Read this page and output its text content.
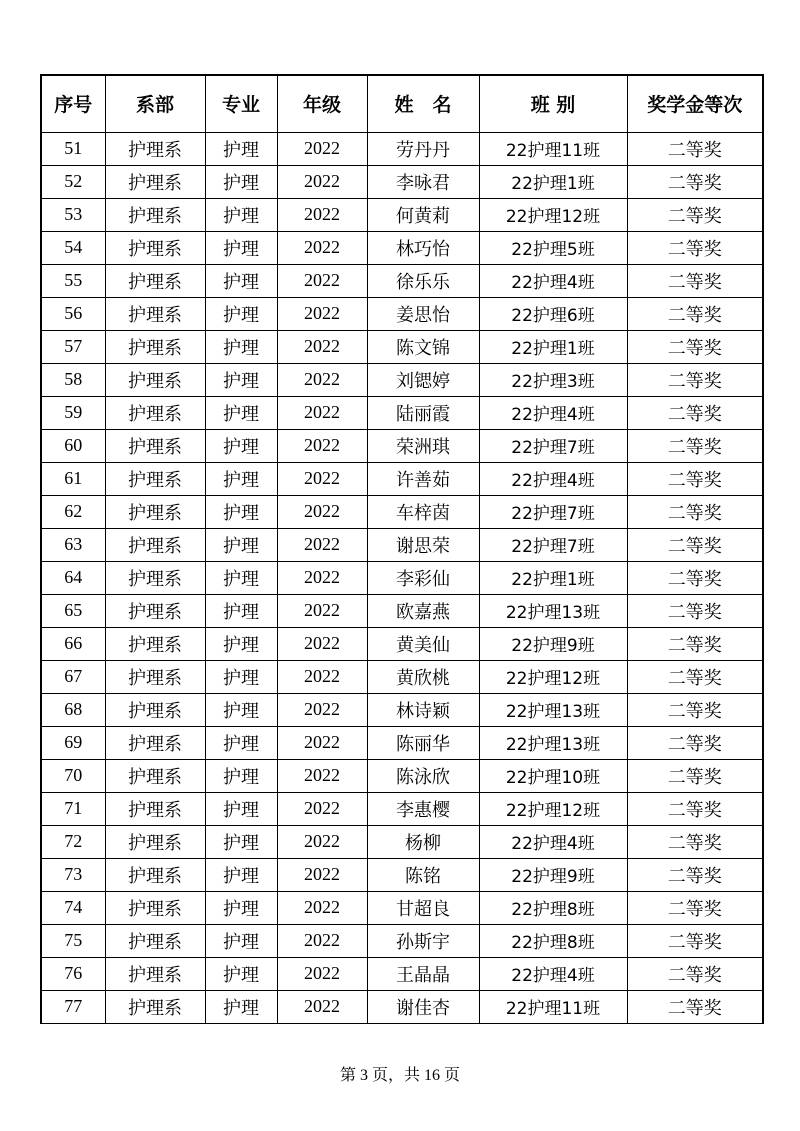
序号	系部	专业	年级	姓　名	班 别	奖学金等次
51	护理系	护理	2022	劳丹丹	22护理11班	二等奖
52	护理系	护理	2022	李咏君	22护理1班	二等奖
53	护理系	护理	2022	何黄莉	22护理12班	二等奖
54	护理系	护理	2022	林巧怡	22护理5班	二等奖
55	护理系	护理	2022	徐乐乐	22护理4班	二等奖
56	护理系	护理	2022	姜思怡	22护理6班	二等奖
57	护理系	护理	2022	陈文锦	22护理1班	二等奖
58	护理系	护理	2022	刘锶婷	22护理3班	二等奖
59	护理系	护理	2022	陆丽霞	22护理4班	二等奖
60	护理系	护理	2022	荣洲琪	22护理7班	二等奖
61	护理系	护理	2022	许善茹	22护理4班	二等奖
62	护理系	护理	2022	车梓茵	22护理7班	二等奖
63	护理系	护理	2022	谢思荣	22护理7班	二等奖
64	护理系	护理	2022	李彩仙	22护理1班	二等奖
65	护理系	护理	2022	欧嘉燕	22护理13班	二等奖
66	护理系	护理	2022	黄美仙	22护理9班	二等奖
67	护理系	护理	2022	黄欣桃	22护理12班	二等奖
68	护理系	护理	2022	林诗颖	22护理13班	二等奖
69	护理系	护理	2022	陈丽华	22护理13班	二等奖
70	护理系	护理	2022	陈泳欣	22护理10班	二等奖
71	护理系	护理	2022	李惠樱	22护理12班	二等奖
72	护理系	护理	2022	杨柳	22护理4班	二等奖
73	护理系	护理	2022	陈铭	22护理9班	二等奖
74	护理系	护理	2022	甘超良	22护理8班	二等奖
75	护理系	护理	2022	孙斯宇	22护理8班	二等奖
76	护理系	护理	2022	王晶晶	22护理4班	二等奖
77	护理系	护理	2022	谢佳杏	22护理11班	二等奖
第 3 页，共 16 页
